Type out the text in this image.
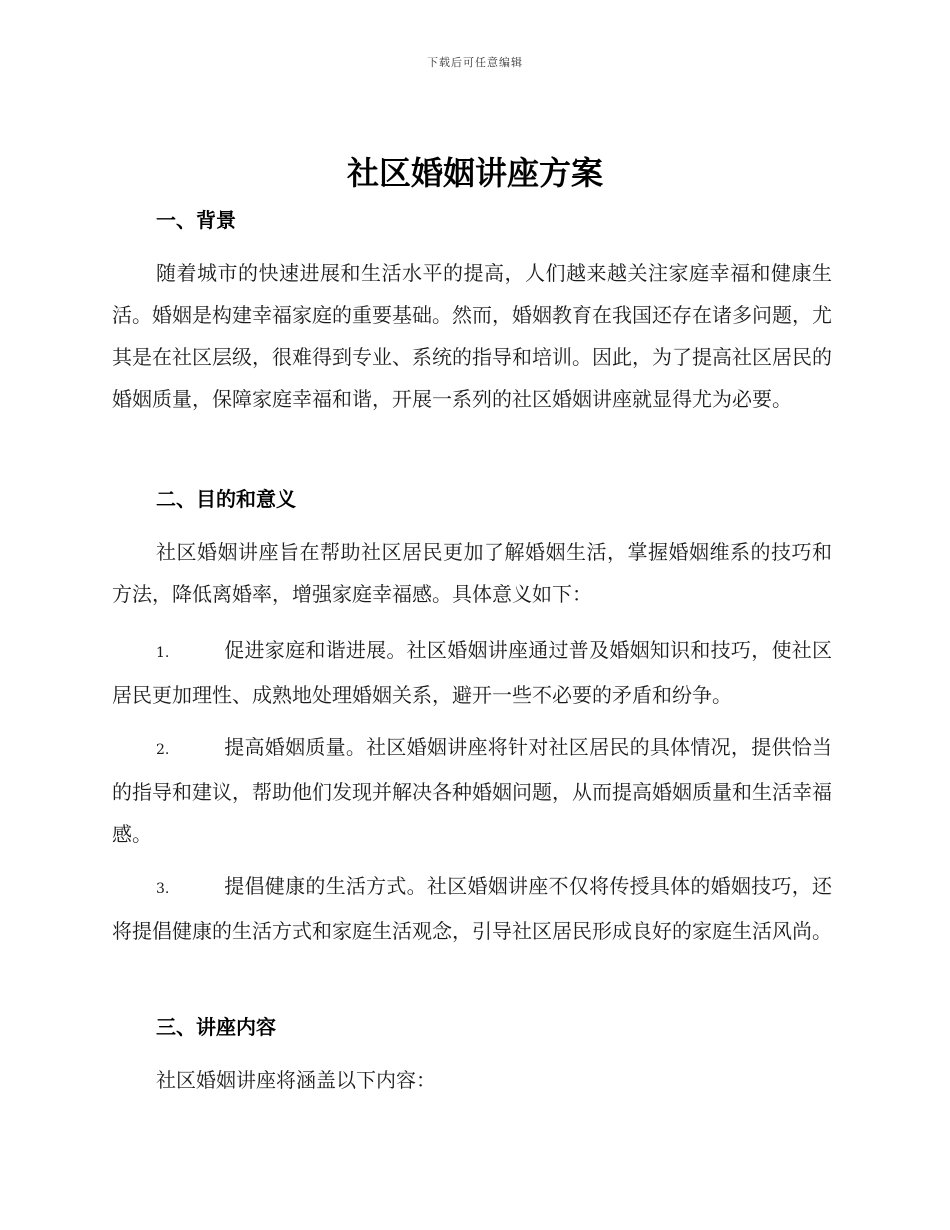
下载后可任意编辑
社区婚姻讲座方案
一、背景

随着城市的快速进展和生活水平的提高，人们越来越关注家庭幸福和健康生活。婚姻是构建幸福家庭的重要基础。然而，婚姻教育在我国还存在诸多问题，尤其是在社区层级，很难得到专业、系统的指导和培训。因此，为了提高社区居民的婚姻质量，保障家庭幸福和谐，开展一系列的社区婚姻讲座就显得尤为必要。

二、目的和意义

社区婚姻讲座旨在帮助社区居民更加了解婚姻生活，掌握婚姻维系的技巧和方法，降低离婚率，增强家庭幸福感。具体意义如下：

1.	促进家庭和谐进展。社区婚姻讲座通过普及婚姻知识和技巧，使社区居民更加理性、成熟地处理婚姻关系，避开一些不必要的矛盾和纷争。
2.	提高婚姻质量。社区婚姻讲座将针对社区居民的具体情况，提供恰当的指导和建议，帮助他们发现并解决各种婚姻问题，从而提高婚姻质量和生活幸福感。
3.	提倡健康的生活方式。社区婚姻讲座不仅将传授具体的婚姻技巧，还将提倡健康的生活方式和家庭生活观念，引导社区居民形成良好的家庭生活风尚。
三、讲座内容

社区婚姻讲座将涵盖以下内容：
